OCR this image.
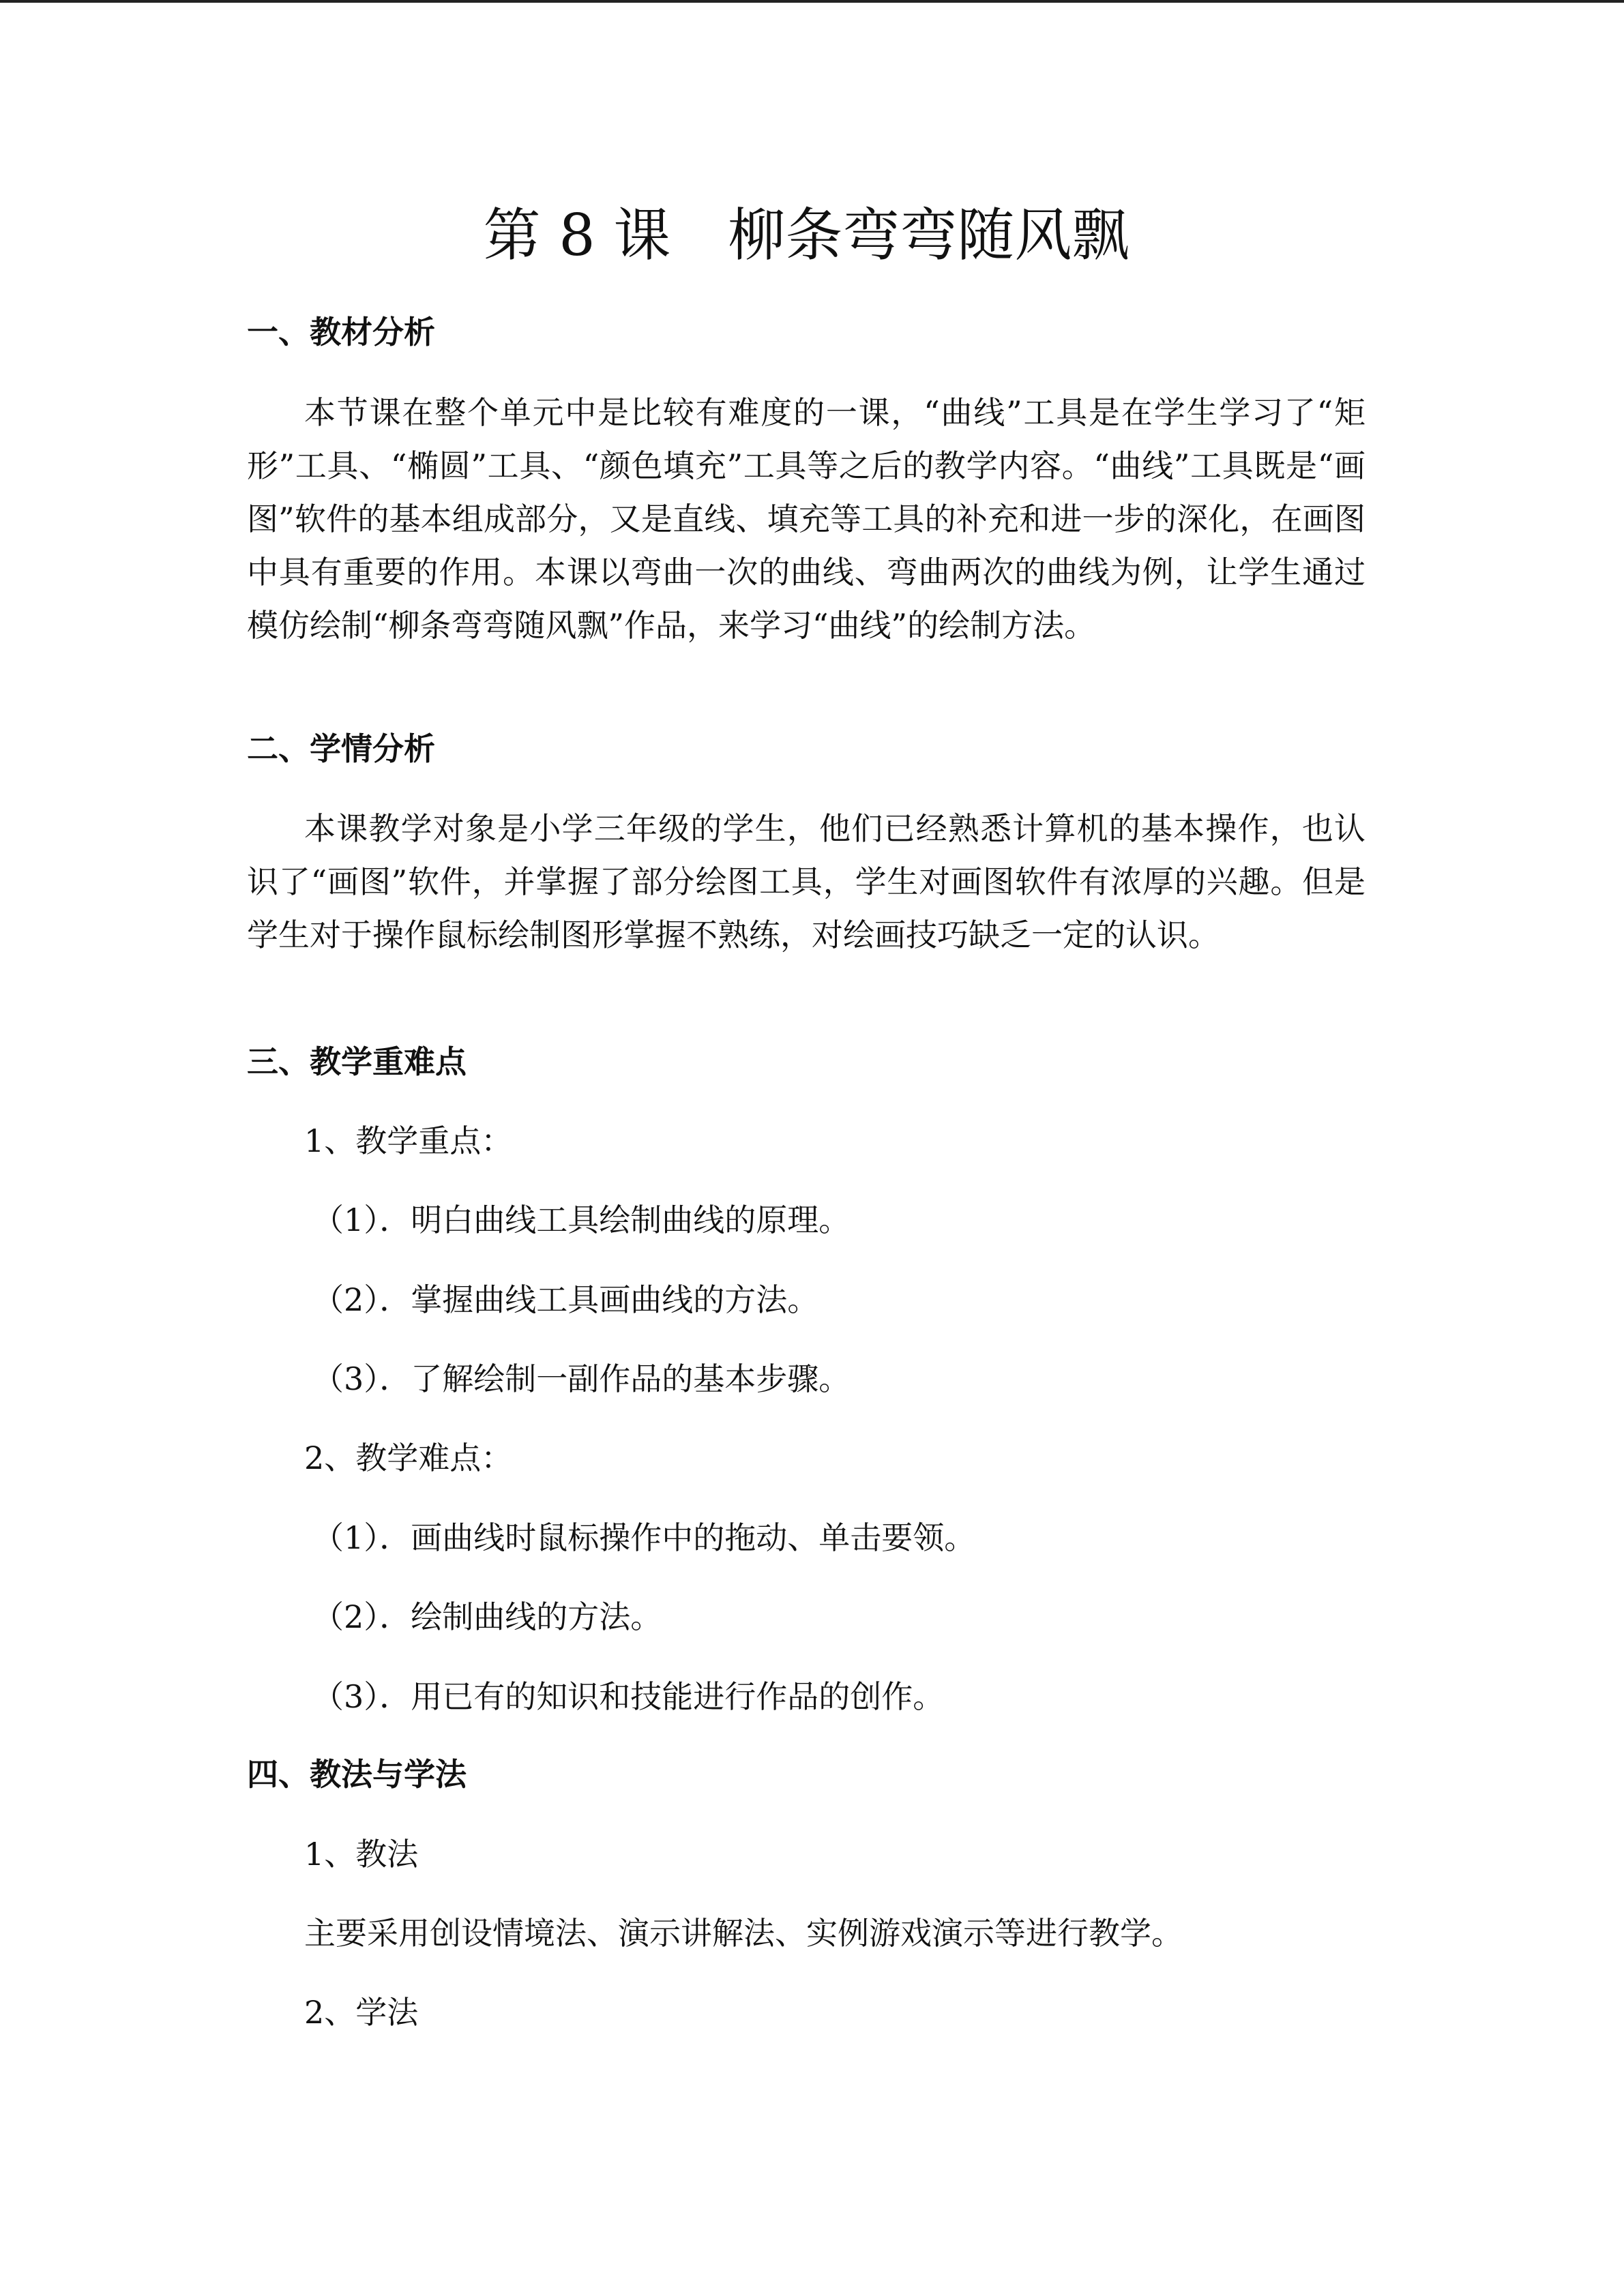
第 8 课　柳条弯弯随风飘
一、教材分析
本节课在整个单元中是比较有难度的一课，“曲线”工具是在学生学习了“矩形”工具、“椭圆”工具、“颜色填充”工具等之后的教学内容。“曲线”工具既是“画图”软件的基本组成部分，又是直线、填充等工具的补充和进一步的深化，在画图中具有重要的作用。本课以弯曲一次的曲线、弯曲两次的曲线为例，让学生通过模仿绘制“柳条弯弯随风飘”作品，来学习“曲线”的绘制方法。
二、学情分析
本课教学对象是小学三年级的学生，他们已经熟悉计算机的基本操作，也认识了“画图”软件，并掌握了部分绘图工具，学生对画图软件有浓厚的兴趣。但是学生对于操作鼠标绘制图形掌握不熟练，对绘画技巧缺乏一定的认识。
三、教学重难点
1、教学重点：
（1）．明白曲线工具绘制曲线的原理。
（2）．掌握曲线工具画曲线的方法。
（3）．了解绘制一副作品的基本步骤。
2、教学难点：
（1）．画曲线时鼠标操作中的拖动、单击要领。
（2）．绘制曲线的方法。
（3）．用已有的知识和技能进行作品的创作。
四、教法与学法
1、教法
主要采用创设情境法、演示讲解法、实例游戏演示等进行教学。
2、学法
